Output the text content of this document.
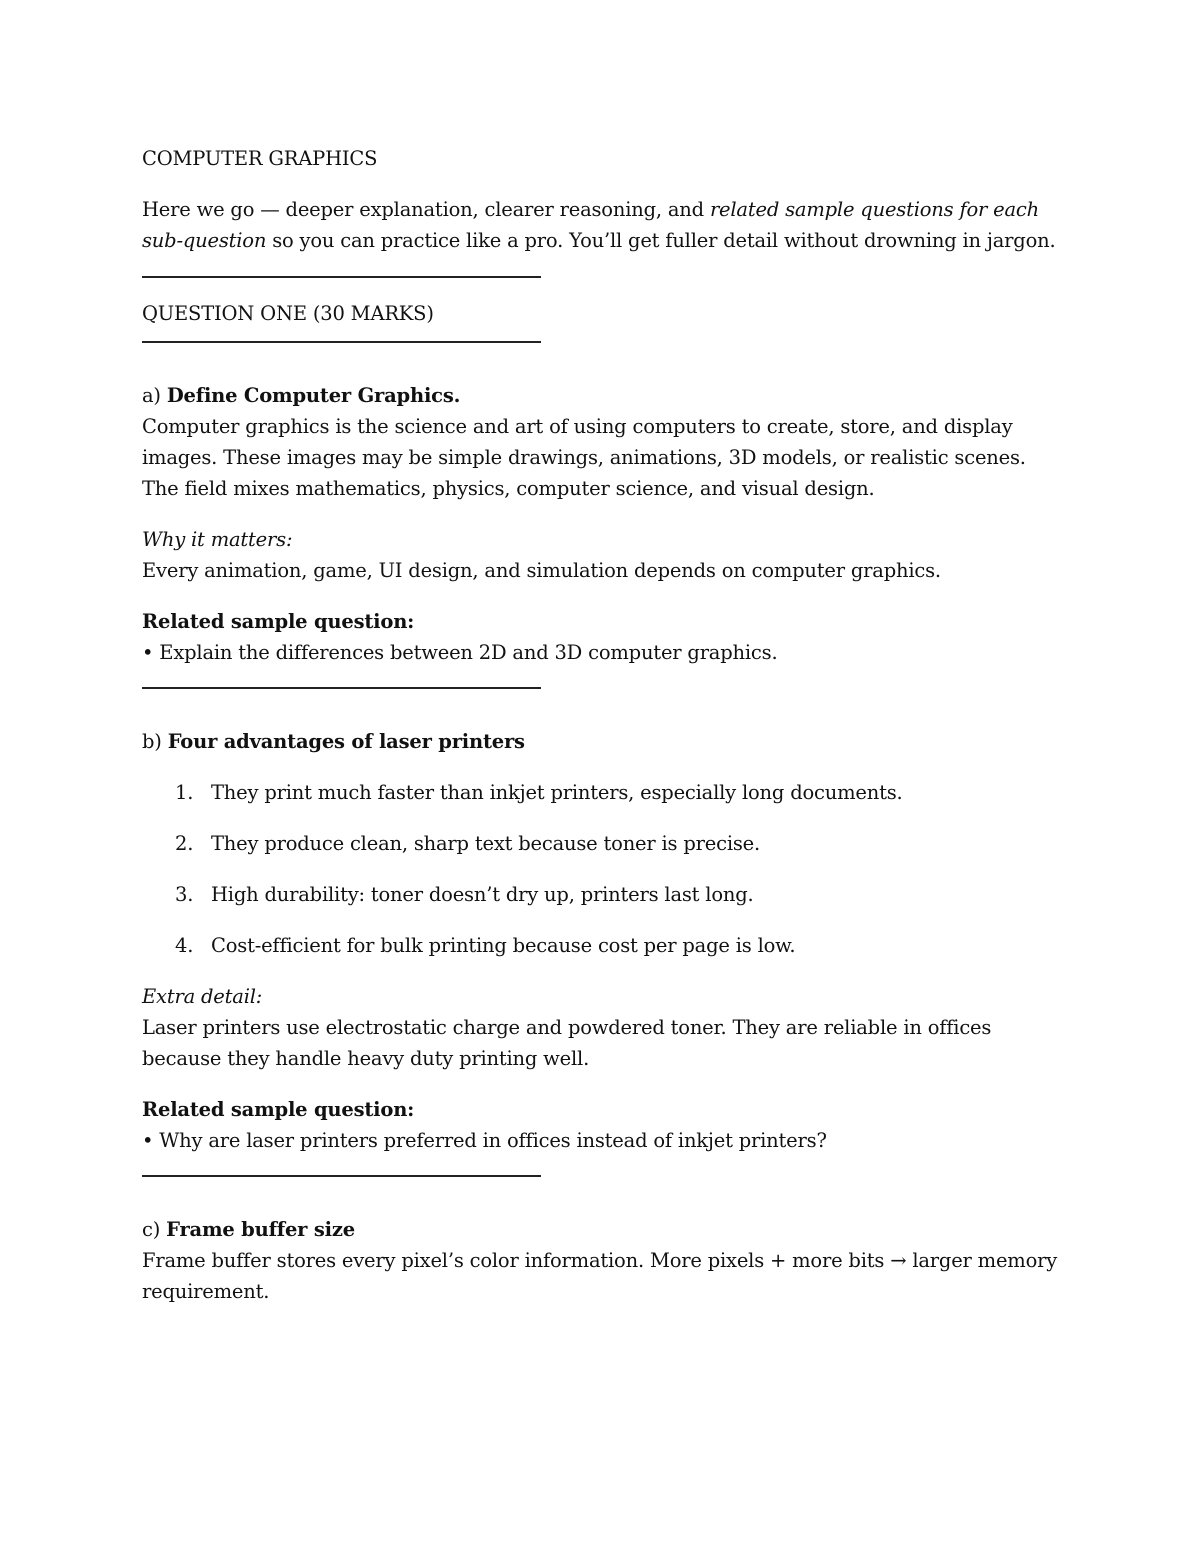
COMPUTER GRAPHICS

Here we go — deeper explanation, clearer reasoning, and related sample questions for each sub-question so you can practice like a pro. You’ll get fuller detail without drowning in jargon.

QUESTION ONE (30 MARKS)

a) Define Computer Graphics.

Computer graphics is the science and art of using computers to create, store, and display images. These images may be simple drawings, animations, 3D models, or realistic scenes. The field mixes mathematics, physics, computer science, and visual design.

Why it matters:

Every animation, game, UI design, and simulation depends on computer graphics.

Related sample question:

• Explain the differences between 2D and 3D computer graphics.

b) Four advantages of laser printers

1. They print much faster than inkjet printers, especially long documents.
2. They produce clean, sharp text because toner is precise.
3. High durability: toner doesn’t dry up, printers last long.
4. Cost-efficient for bulk printing because cost per page is low.

Extra detail:

Laser printers use electrostatic charge and powdered toner. They are reliable in offices because they handle heavy duty printing well.

Related sample question:

• Why are laser printers preferred in offices instead of inkjet printers?

c) Frame buffer size

Frame buffer stores every pixel’s color information. More pixels + more bits → larger memory requirement.
